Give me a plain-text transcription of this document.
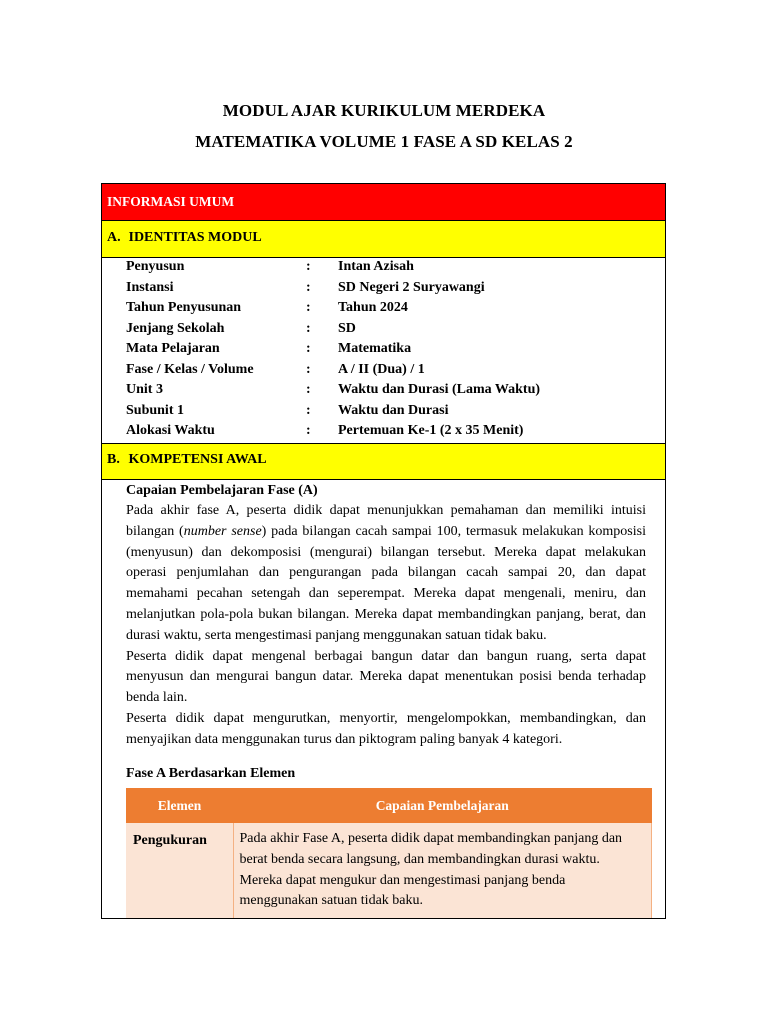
MODUL AJAR KURIKULUM MERDEKA
MATEMATIKA VOLUME 1 FASE A SD KELAS 2
INFORMASI UMUM
A. IDENTITAS MODUL
Penyusun	: Intan Azisah
Instansi	: SD Negeri 2 Suryawangi
Tahun Penyusunan	: Tahun 2024
Jenjang Sekolah	: SD
Mata Pelajaran	: Matematika
Fase / Kelas / Volume	: A / II (Dua) / 1
Unit 3	: Waktu dan Durasi (Lama Waktu)
Subunit 1	: Waktu dan Durasi
Alokasi Waktu	: Pertemuan Ke-1 (2 x 35 Menit)
B. KOMPETENSI AWAL
Capaian Pembelajaran Fase (A)
Pada akhir fase A, peserta didik dapat menunjukkan pemahaman dan memiliki intuisi bilangan (number sense) pada bilangan cacah sampai 100, termasuk melakukan komposisi (menyusun) dan dekomposisi (mengurai) bilangan tersebut. Mereka dapat melakukan operasi penjumlahan dan pengurangan pada bilangan cacah sampai 20, dan dapat memahami pecahan setengah dan seperempat. Mereka dapat mengenali, meniru, dan melanjutkan pola-pola bukan bilangan. Mereka dapat membandingkan panjang, berat, dan durasi waktu, serta mengestimasi panjang menggunakan satuan tidak baku.
Peserta didik dapat mengenal berbagai bangun datar dan bangun ruang, serta dapat menyusun dan mengurai bangun datar. Mereka dapat menentukan posisi benda terhadap benda lain.
Peserta didik dapat mengurutkan, menyortir, mengelompokkan, membandingkan, dan menyajikan data menggunakan turus dan piktogram paling banyak 4 kategori.
Fase A Berdasarkan Elemen
Elemen	Capaian Pembelajaran
Pengukuran	Pada akhir Fase A, peserta didik dapat membandingkan panjang dan berat benda secara langsung, dan membandingkan durasi waktu. Mereka dapat mengukur dan mengestimasi panjang benda menggunakan satuan tidak baku.
